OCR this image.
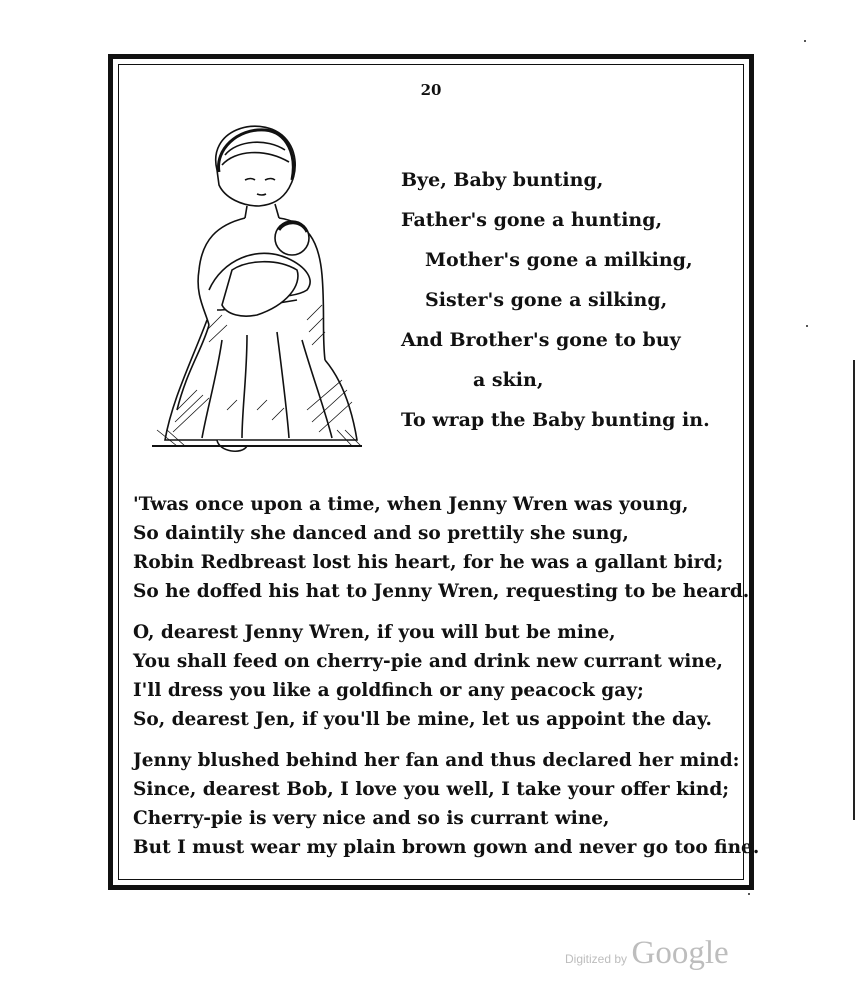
20
Bye, Baby bunting,
Father's gone a hunting,
Mother's gone a milking,
Sister's gone a silking,
And Brother's gone to buy
a skin,
To wrap the Baby bunting in.
'Twas once upon a time, when Jenny Wren was young,
So daintily she danced and so prettily she sung,
Robin Redbreast lost his heart, for he was a gallant bird;
So he doffed his hat to Jenny Wren, requesting to be heard.
O, dearest Jenny Wren, if you will but be mine,
You shall feed on cherry-pie and drink new currant wine,
I'll dress you like a goldfinch or any peacock gay;
So, dearest Jen, if you'll be mine, let us appoint the day.
Jenny blushed behind her fan and thus declared her mind:
Since, dearest Bob, I love you well, I take your offer kind;
Cherry-pie is very nice and so is currant wine,
But I must wear my plain brown gown and never go too fine.
Digitized by Google
